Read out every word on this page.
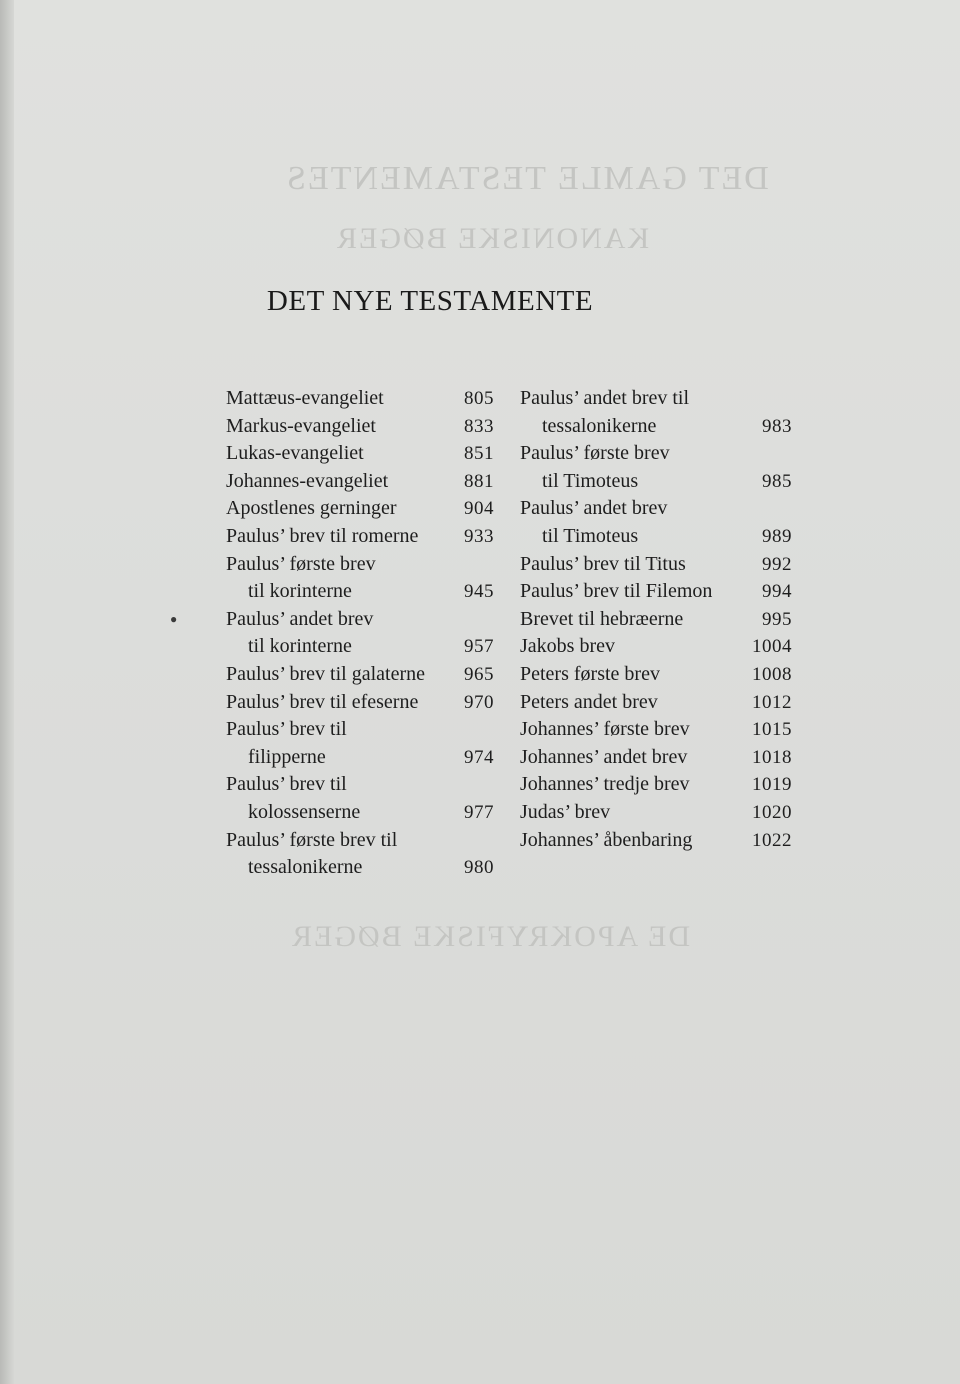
DET GAMLE TESTAMENTES
KANONISKE BØGER
DE APOKRYFISKE BØGER
DET NYE TESTAMENTE
●
Mattæus-evangeliet	805
Markus-evangeliet	833
Lukas-evangeliet	851
Johannes-evangeliet	881
Apostlenes gerninger	904
Paulus’ brev til romerne 933
Paulus’ første brev
til korinterne	945
Paulus’ andet brev
til korinterne	957
Paulus’ brev til galaterne 965
Paulus’ brev til efeserne 970
Paulus’ brev til
filipperne	974
Paulus’ brev til
kolossenserne	977
Paulus’ første brev til
tessalonikerne	980
Paulus’ andet brev til
tessalonikerne	983
Paulus’ første brev
til Timoteus	985
Paulus’ andet brev
til Timoteus	989
Paulus’ brev til Titus	992
Paulus’ brev til Filemon	994
Brevet til hebræerne	995
Jakobs brev	1004
Peters første brev	1008
Peters andet brev	1012
Johannes’ første brev	1015
Johannes’ andet brev	1018
Johannes’ tredje brev	1019
Judas’ brev	1020
Johannes’ åbenbaring	1022
